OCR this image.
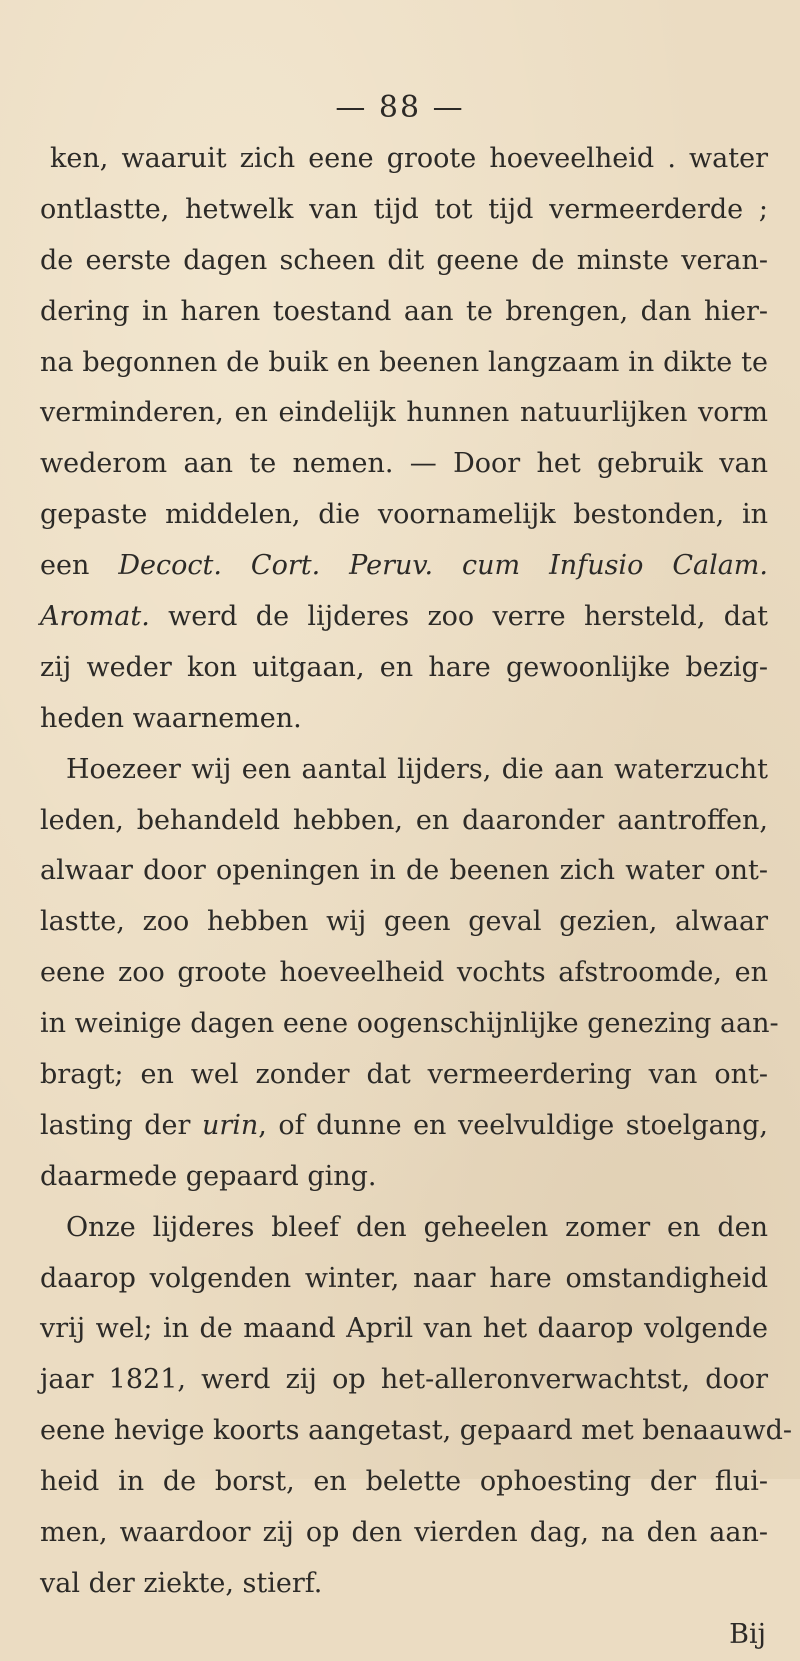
— 88 —
ken, waaruit zich eene groote hoeveelheid . water
ontlastte, hetwelk van tijd tot tijd vermeerderde ;
de eerste dagen scheen dit geene de minste veran-
dering in haren toestand aan te brengen, dan hier-
na begonnen de buik en beenen langzaam in dikte te
verminderen, en eindelijk hunnen natuurlijken vorm
wederom aan te nemen. — Door het gebruik van
gepaste middelen, die voornamelijk bestonden, in
een Decoct. Cort. Peruv. cum Infusio Calam.
Aromat. werd de lijderes zoo verre hersteld, dat
zij weder kon uitgaan, en hare gewoonlijke bezig-
heden waarnemen.
Hoezeer wij een aantal lijders, die aan waterzucht
leden, behandeld hebben, en daaronder aantroffen,
alwaar door openingen in de beenen zich water ont-
lastte, zoo hebben wij geen geval gezien, alwaar
eene zoo groote hoeveelheid vochts afstroomde, en
in weinige dagen eene oogenschijnlijke genezing aan-
bragt; en wel zonder dat vermeerdering van ont-
lasting der urin, of dunne en veelvuldige stoelgang,
daarmede gepaard ging.
Onze lijderes bleef den geheelen zomer en den
daarop volgenden winter, naar hare omstandigheid
vrij wel; in de maand April van het daarop volgende
jaar 1821, werd zij op het-alleronverwachtst, door
eene hevige koorts aangetast, gepaard met benaauwd-
heid in de borst, en belette ophoesting der flui-
men, waardoor zij op den vierden dag, na den aan-
val der ziekte, stierf.
Bij
